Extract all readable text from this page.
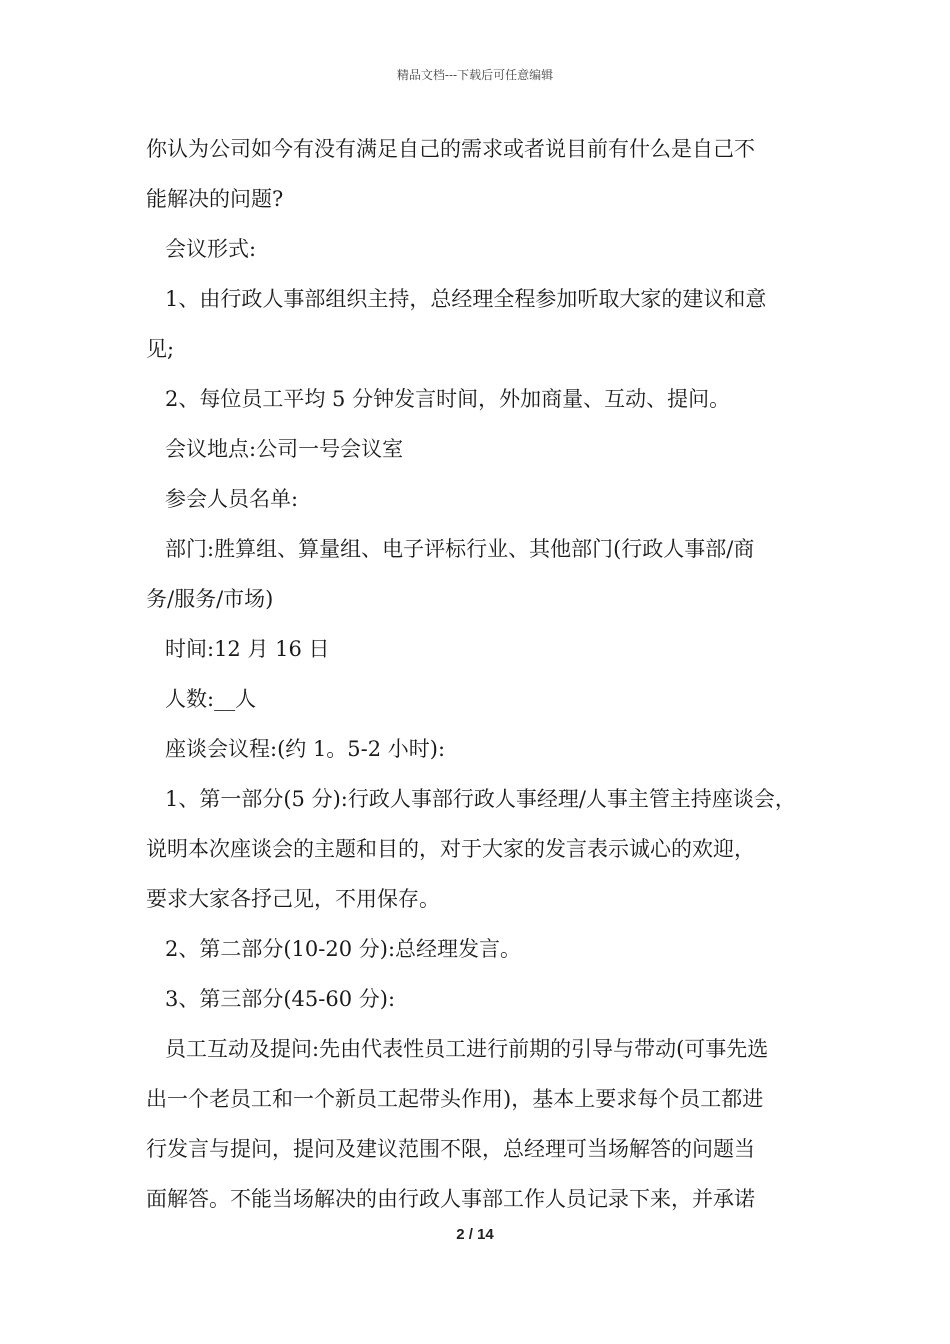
精品文档---下载后可任意编辑
你认为公司如今有没有满足自己的需求或者说目前有什么是自己不
能解决的问题?
会议形式:
1、由行政人事部组织主持，总经理全程参加听取大家的建议和意
见;
2、每位员工平均 5 分钟发言时间，外加商量、互动、提问。
会议地点:公司一号会议室
参会人员名单:
部门:胜算组、算量组、电子评标行业、其他部门(行政人事部/商
务/服务/市场)
时间:12 月 16 日
人数:__人
座谈会议程:(约 1。5-2 小时):
1、第一部分(5 分):行政人事部行政人事经理/人事主管主持座谈会，
说明本次座谈会的主题和目的，对于大家的发言表示诚心的欢迎，
要求大家各抒己见，不用保存。
2、第二部分(10-20 分):总经理发言。
3、第三部分(45-60 分):
员工互动及提问:先由代表性员工进行前期的引导与带动(可事先选
出一个老员工和一个新员工起带头作用)，基本上要求每个员工都进
行发言与提问，提问及建议范围不限，总经理可当场解答的问题当
面解答。不能当场解决的由行政人事部工作人员记录下来，并承诺
2 / 14
